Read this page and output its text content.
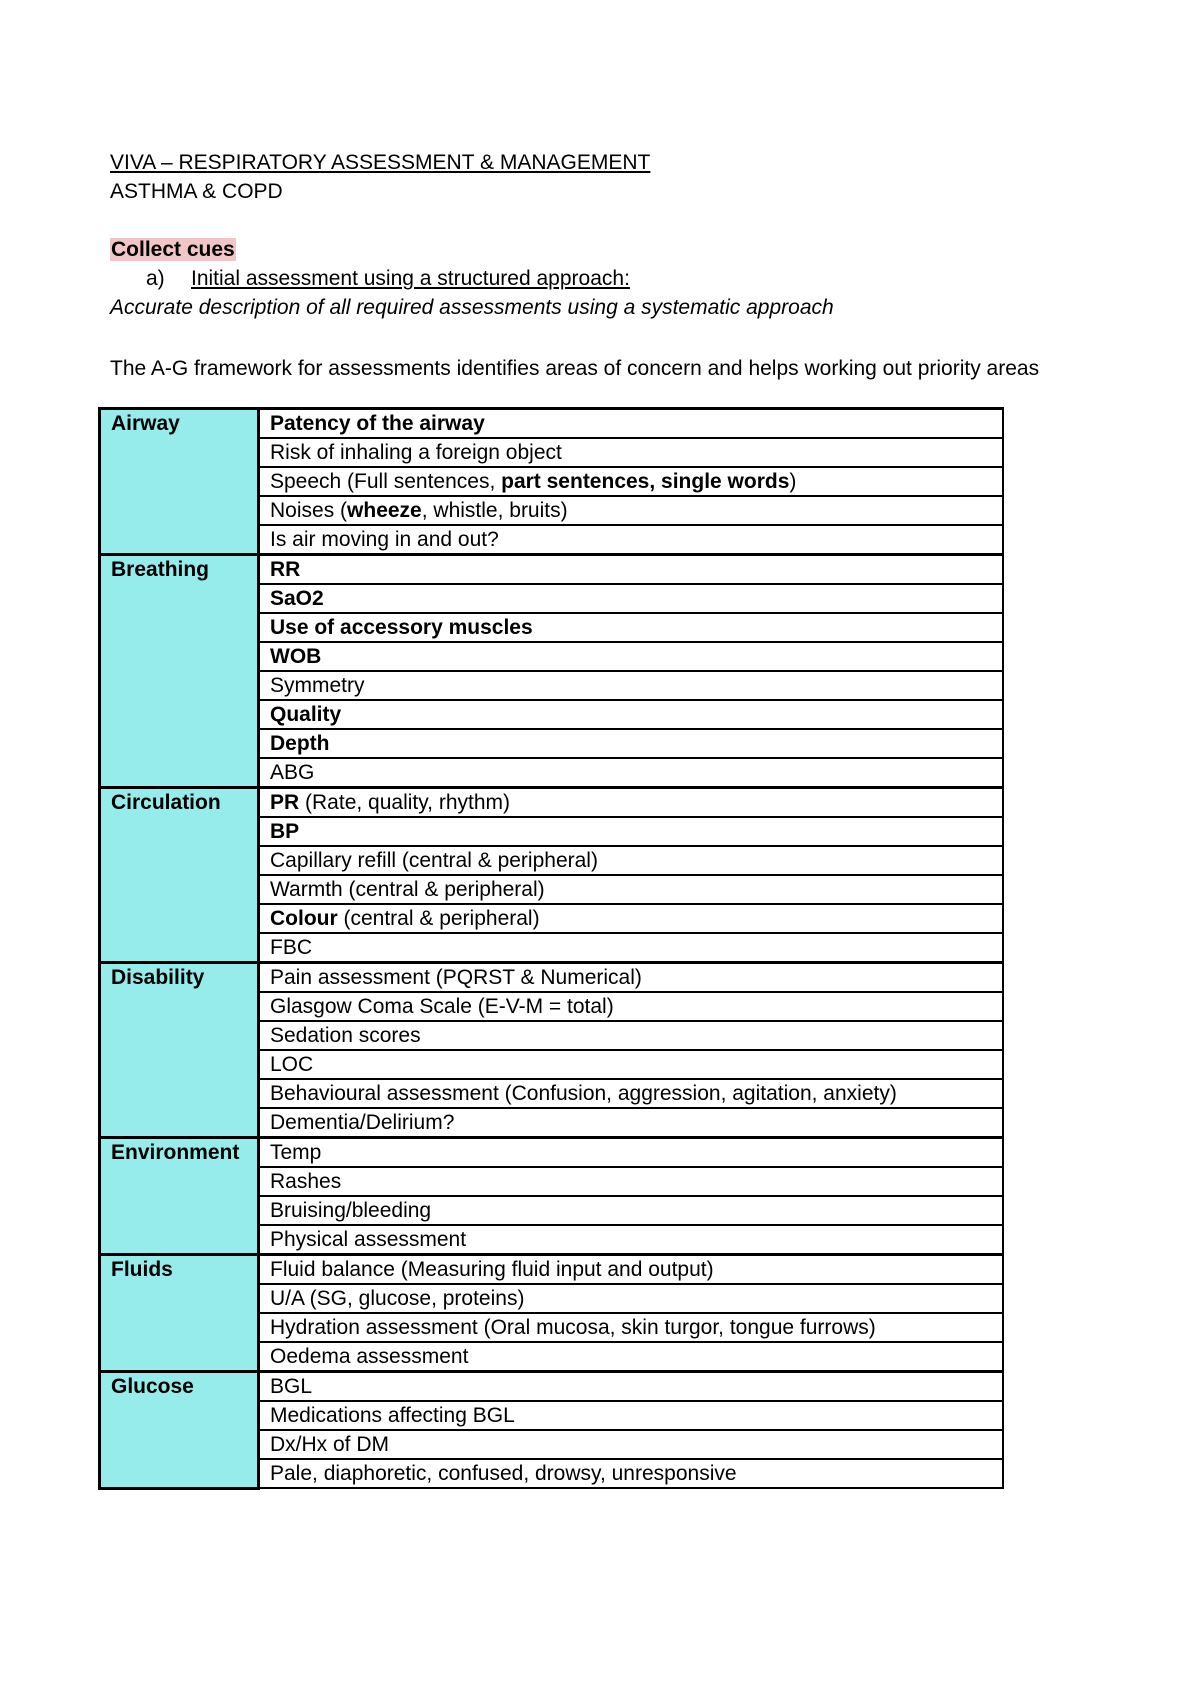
VIVA – RESPIRATORY ASSESSMENT & MANAGEMENT
ASTHMA & COPD
Collect cues
a) Initial assessment using a structured approach:
Accurate description of all required assessments using a systematic approach
The A-G framework for assessments identifies areas of concern and helps working out priority areas
Airway	Patency of the airway
	Risk of inhaling a foreign object
	Speech (Full sentences, part sentences, single words)
	Noises (wheeze, whistle, bruits)
	Is air moving in and out?
Breathing	RR
	SaO2
	Use of accessory muscles
	WOB
	Symmetry
	Quality
	Depth
	ABG
Circulation	PR (Rate, quality, rhythm)
	BP
	Capillary refill (central & peripheral)
	Warmth (central & peripheral)
	Colour (central & peripheral)
	FBC
Disability	Pain assessment (PQRST & Numerical)
	Glasgow Coma Scale (E-V-M = total)
	Sedation scores
	LOC
	Behavioural assessment (Confusion, aggression, agitation, anxiety)
	Dementia/Delirium?
Environment	Temp
	Rashes
	Bruising/bleeding
	Physical assessment
Fluids	Fluid balance (Measuring fluid input and output)
	U/A (SG, glucose, proteins)
	Hydration assessment (Oral mucosa, skin turgor, tongue furrows)
	Oedema assessment
Glucose	BGL
	Medications affecting BGL
	Dx/Hx of DM
	Pale, diaphoretic, confused, drowsy, unresponsive
